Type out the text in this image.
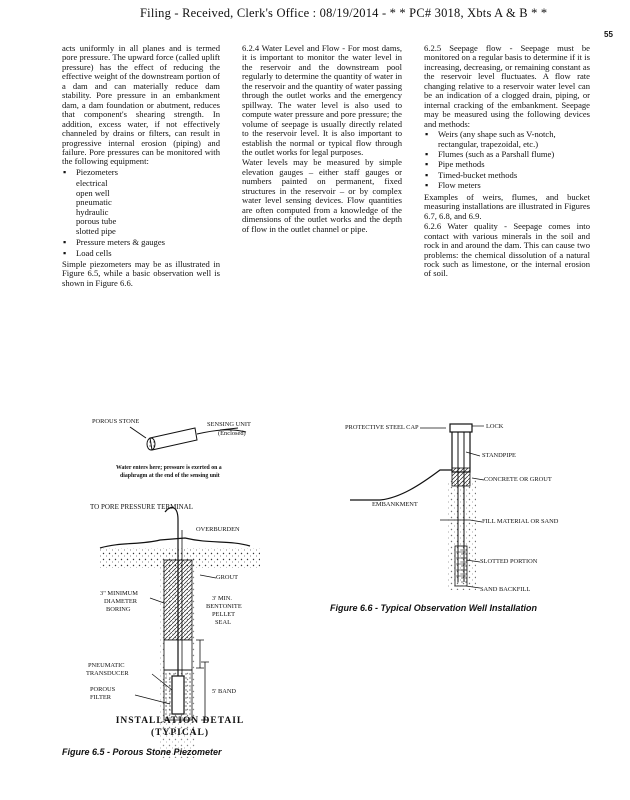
Filing - Received, Clerk's Office : 08/19/2014 - * * PC# 3018, Xbts A & B * *
55

acts uniformly in all planes and is termed pore pressure. The upward force (called uplift pressure) has the effect of reducing the effective weight of the downstream portion of a dam and can materially reduce dam stability. Pore pressure in an embankment dam, a dam foundation or abutment, reduces that component's shearing strength. In addition, excess water, if not effectively channeled by drains or filters, can result in progressive internal erosion (piping) and failure. Pore pressures can be monitored with the following equipment:

▪ Piezometers
electrical
open well
pneumatic
hydraulic
porous tube
slotted pipe
▪ Pressure meters & gauges
▪ Load cells

Simple piezometers may be as illustrated in Figure 6.5, while a basic observation well is shown in Figure 6.6.

6.2.4 Water Level and Flow - For most dams, it is important to monitor the water level in the reservoir and the downstream pool regularly to determine the quantity of water in the reservoir and the quantity of water passing through the outlet works and the emergency spillway. The water level is also used to compute water pressure and pore pressure; the volume of seepage is usually directly related to the reservoir level. It is also important to establish the normal or typical flow through the outlet works for legal purposes.

Water levels may be measured by simple elevation gauges – either staff gauges or numbers painted on permanent, fixed structures in the reservoir – or by complex water level sensing devices. Flow quantities are often computed from a knowledge of the dimensions of the outlet works and the depth of flow in the outlet channel or pipe.

6.2.5 Seepage flow - Seepage must be monitored on a regular basis to determine if it is increasing, decreasing, or remaining constant as the reservoir level fluctuates. A flow rate changing relative to a reservoir water level can be an indication of a clogged drain, piping, or internal cracking of the embankment. Seepage may be measured using the following devices and methods:

▪ Weirs (any shape such as V-notch, rectangular, trapezoidal, etc.)
▪ Flumes (such as a Parshall flume)
▪ Pipe methods
▪ Timed-bucket methods
▪ Flow meters

Examples of weirs, flumes, and bucket measuring installations are illustrated in Figures 6.7, 6.8, and 6.9.

6.2.6 Water quality - Seepage comes into contact with various minerals in the soil and rock in and around the dam. This can cause two problems: the chemical dissolution of a natural rock such as limestone, or the internal erosion of soil.

POROUS STONE	SENSING UNIT
(Enclosed)
Water enters here; pressure is exerted on a
diaphragm at the end of the sensing unit
TO PORE PRESSURE TERMINAL
OVERBURDEN
GROUT
3" MINIMUM
DIAMETER
BORING
3' MIN.
BENTONITE
PELLET
SEAL
5' BAND
PNEUMATIC
TRANSDUCER
POROUS
FILTER
INSTALLATION DETAIL
(TYPICAL)
Figure 6.5 - Porous Stone Piezometer
PROTECTIVE STEEL CAP	LOCK
STANDPIPE
CONCRETE OR GROUT
EMBANKMENT
FILL MATERIAL OR SAND
SLOTTED PORTION
SAND BACKFILL
Figure 6.6 - Typical Observation Well Installation
